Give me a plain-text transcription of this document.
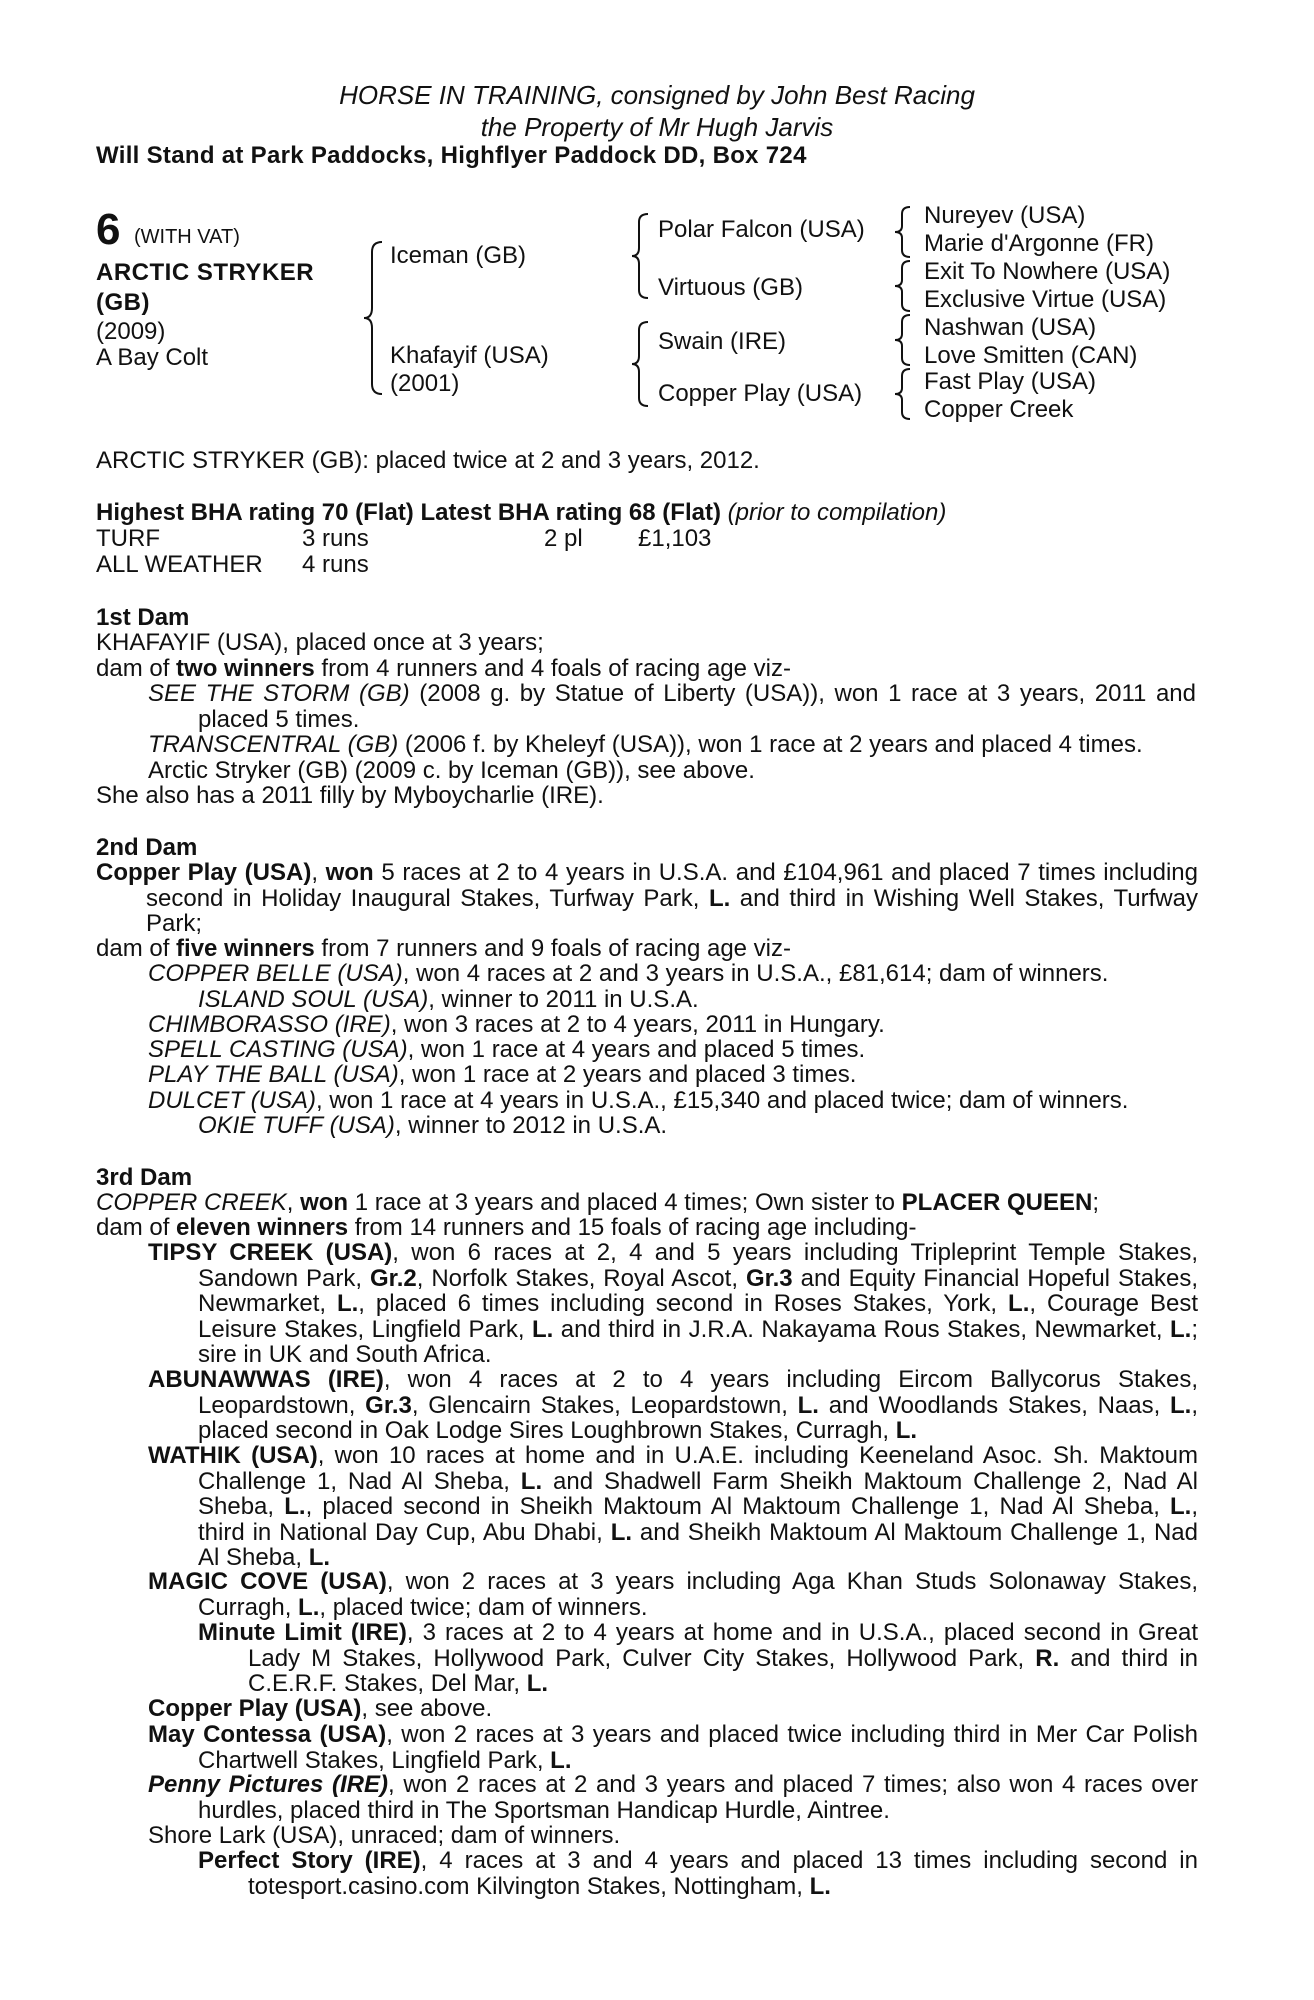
HORSE IN TRAINING, consigned by John Best Racing
the Property of Mr Hugh Jarvis
Will Stand at Park Paddocks, Highflyer Paddock DD, Box 724
6 (WITH VAT)
ARCTIC STRYKER
(GB)
(2009)
A Bay Colt
Iceman (GB)
Khafayif (USA)
(2001)
Polar Falcon (USA)
Virtuous (GB)
Swain (IRE)
Copper Play (USA)
Nureyev (USA)
Marie d'Argonne (FR)
Exit To Nowhere (USA)
Exclusive Virtue (USA)
Nashwan (USA)
Love Smitten (CAN)
Fast Play (USA)
Copper Creek
ARCTIC STRYKER (GB): placed twice at 2 and 3 years, 2012.
Highest BHA rating 70 (Flat) Latest BHA rating 68 (Flat) (prior to compilation)
TURF	3 runs	2 pl £1,103
ALL WEATHER 4 runs
1st Dam
KHAFAYIF (USA), placed once at 3 years;
dam of two winners from 4 runners and 4 foals of racing age viz-
SEE THE STORM (GB) (2008 g. by Statue of Liberty (USA)), won 1 race at 3 years, 2011 and placed 5 times.
TRANSCENTRAL (GB) (2006 f. by Kheleyf (USA)), won 1 race at 2 years and placed 4 times.
Arctic Stryker (GB) (2009 c. by Iceman (GB)), see above.
She also has a 2011 filly by Myboycharlie (IRE).
2nd Dam
Copper Play (USA), won 5 races at 2 to 4 years in U.S.A. and £104,961 and placed 7 times including second in Holiday Inaugural Stakes, Turfway Park, L. and third in Wishing Well Stakes, Turfway Park;
dam of five winners from 7 runners and 9 foals of racing age viz-
COPPER BELLE (USA), won 4 races at 2 and 3 years in U.S.A., £81,614; dam of winners.
ISLAND SOUL (USA), winner to 2011 in U.S.A.
CHIMBORASSO (IRE), won 3 races at 2 to 4 years, 2011 in Hungary.
SPELL CASTING (USA), won 1 race at 4 years and placed 5 times.
PLAY THE BALL (USA), won 1 race at 2 years and placed 3 times.
DULCET (USA), won 1 race at 4 years in U.S.A., £15,340 and placed twice; dam of winners.
OKIE TUFF (USA), winner to 2012 in U.S.A.
3rd Dam
COPPER CREEK, won 1 race at 3 years and placed 4 times; Own sister to PLACER QUEEN;
dam of eleven winners from 14 runners and 15 foals of racing age including-
TIPSY CREEK (USA), won 6 races at 2, 4 and 5 years including Tripleprint Temple Stakes, Sandown Park, Gr.2, Norfolk Stakes, Royal Ascot, Gr.3 and Equity Financial Hopeful Stakes, Newmarket, L., placed 6 times including second in Roses Stakes, York, L., Courage Best Leisure Stakes, Lingfield Park, L. and third in J.R.A. Nakayama Rous Stakes, Newmarket, L.; sire in UK and South Africa.
ABUNAWWAS (IRE), won 4 races at 2 to 4 years including Eircom Ballycorus Stakes, Leopardstown, Gr.3, Glencairn Stakes, Leopardstown, L. and Woodlands Stakes, Naas, L., placed second in Oak Lodge Sires Loughbrown Stakes, Curragh, L.
WATHIK (USA), won 10 races at home and in U.A.E. including Keeneland Asoc. Sh. Maktoum Challenge 1, Nad Al Sheba, L. and Shadwell Farm Sheikh Maktoum Challenge 2, Nad Al Sheba, L., placed second in Sheikh Maktoum Al Maktoum Challenge 1, Nad Al Sheba, L., third in National Day Cup, Abu Dhabi, L. and Sheikh Maktoum Al Maktoum Challenge 1, Nad Al Sheba, L.
MAGIC COVE (USA), won 2 races at 3 years including Aga Khan Studs Solonaway Stakes, Curragh, L., placed twice; dam of winners.
Minute Limit (IRE), 3 races at 2 to 4 years at home and in U.S.A., placed second in Great Lady M Stakes, Hollywood Park, Culver City Stakes, Hollywood Park, R. and third in C.E.R.F. Stakes, Del Mar, L.
Copper Play (USA), see above.
May Contessa (USA), won 2 races at 3 years and placed twice including third in Mer Car Polish Chartwell Stakes, Lingfield Park, L.
Penny Pictures (IRE), won 2 races at 2 and 3 years and placed 7 times; also won 4 races over hurdles, placed third in The Sportsman Handicap Hurdle, Aintree.
Shore Lark (USA), unraced; dam of winners.
Perfect Story (IRE), 4 races at 3 and 4 years and placed 13 times including second in totesport.casino.com Kilvington Stakes, Nottingham, L.
